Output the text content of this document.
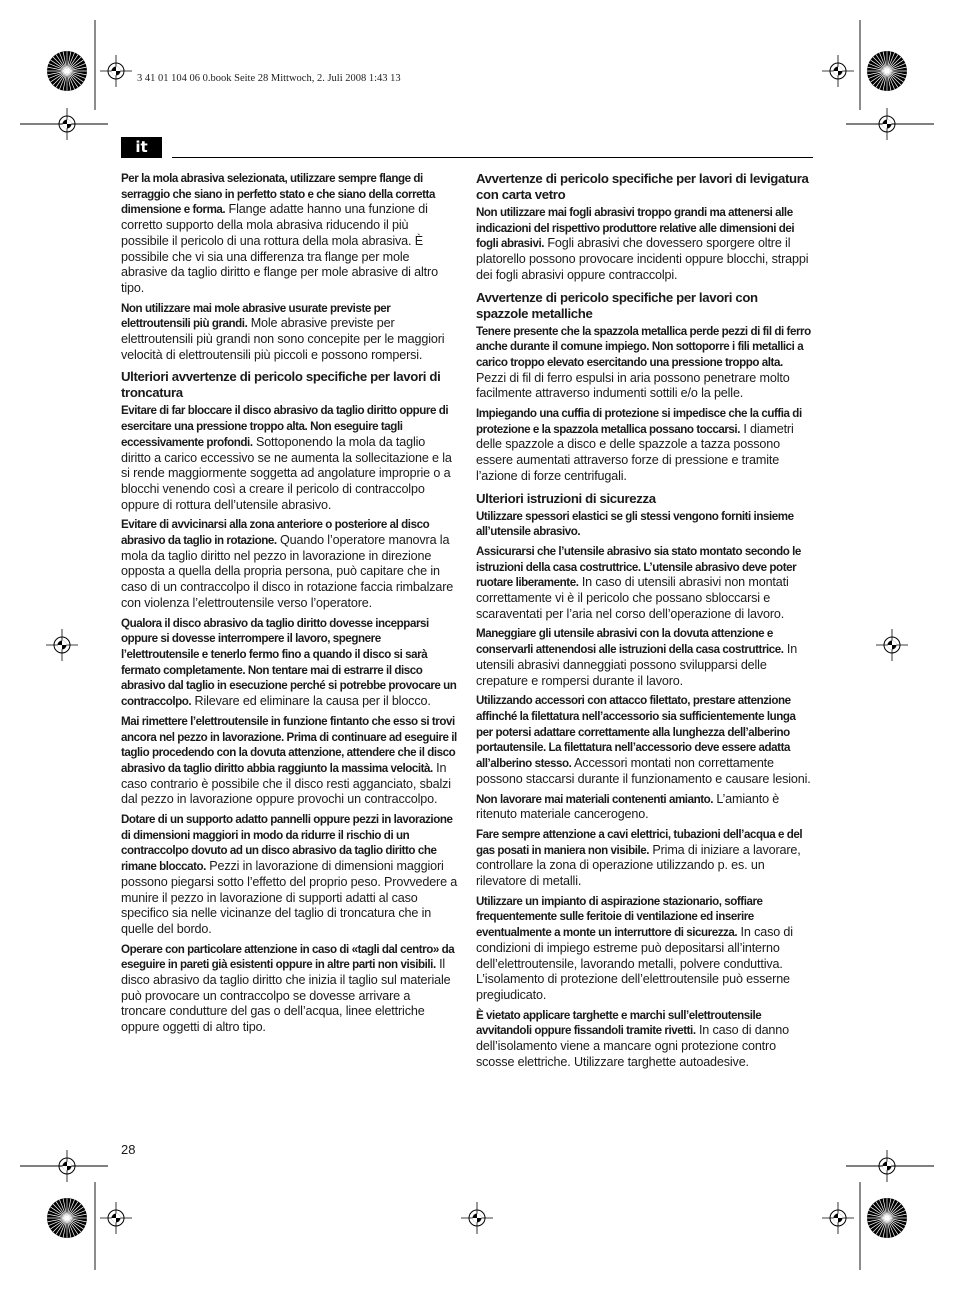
3 41 01 104 06 0.book Seite 28 Mittwoch, 2. Juli 2008 1:43 13
it

Per la mola abrasiva selezionata, utilizzare sempre flange di serraggio che siano in perfetto stato e che siano della corretta dimensione e forma. Flange adatte hanno una funzione di corretto supporto della mola abrasiva riducendo il più possibile il pericolo di una rottura della mola abrasiva. È possibile che vi sia una differenza tra flange per mole abrasive da taglio diritto e flange per mole abrasive di altro tipo.

Non utilizzare mai mole abrasive usurate previste per elettroutensili più grandi. Mole abrasive previste per elettroutensili più grandi non sono concepite per le maggiori velocità di elettroutensili più piccoli e possono rompersi.

Ulteriori avvertenze di pericolo specifiche per lavori di troncatura

Evitare di far bloccare il disco abrasivo da taglio diritto oppure di esercitare una pressione troppo alta. Non eseguire tagli eccessivamente profondi. Sottoponendo la mola da taglio diritto a carico eccessivo se ne aumenta la sollecitazione e la si rende maggiormente soggetta ad angolature improprie o a blocchi venendo così a creare il pericolo di contraccolpo oppure di rottura dell’utensile abrasivo.

Evitare di avvicinarsi alla zona anteriore o posteriore al disco abrasivo da taglio in rotazione. Quando l’operatore manovra la mola da taglio diritto nel pezzo in lavorazione in direzione opposta a quella della propria persona, può capitare che in caso di un contraccolpo il disco in rotazione faccia rimbalzare con violenza l’elettroutensile verso l’operatore.

Qualora il disco abrasivo da taglio diritto dovesse incepparsi oppure si dovesse interrompere il lavoro, spegnere l’elettroutensile e tenerlo fermo fino a quando il disco si sarà fermato completamente. Non tentare mai di estrarre il disco abrasivo dal taglio in esecuzione perché si potrebbe provocare un contraccolpo. Rilevare ed eliminare la causa per il blocco.

Mai rimettere l’elettroutensile in funzione fintanto che esso si trovi ancora nel pezzo in lavorazione. Prima di continuare ad eseguire il taglio procedendo con la dovuta attenzione, attendere che il disco abrasivo da taglio diritto abbia raggiunto la massima velocità. In caso contrario è possibile che il disco resti agganciato, sbalzi dal pezzo in lavorazione oppure provochi un contraccolpo.

Dotare di un supporto adatto pannelli oppure pezzi in lavorazione di dimensioni maggiori in modo da ridurre il rischio di un contraccolpo dovuto ad un disco abrasivo da taglio diritto che rimane bloccato. Pezzi in lavorazione di dimensioni maggiori possono piegarsi sotto l’effetto del proprio peso. Provvedere a munire il pezzo in lavorazione di supporti adatti al caso specifico sia nelle vicinanze del taglio di troncatura che in quelle del bordo.

Operare con particolare attenzione in caso di «tagli dal centro» da eseguire in pareti già esistenti oppure in altre parti non visibili. Il disco abrasivo da taglio diritto che inizia il taglio sul materiale può provocare un contraccolpo se dovesse arrivare a troncare condutture del gas o dell’acqua, linee elettriche oppure oggetti di altro tipo.

Avvertenze di pericolo specifiche per lavori di levigatura con carta vetro

Non utilizzare mai fogli abrasivi troppo grandi ma attenersi alle indicazioni del rispettivo produttore relative alle dimensioni dei fogli abrasivi. Fogli abrasivi che dovessero sporgere oltre il platorello possono provocare incidenti oppure blocchi, strappi dei fogli abrasivi oppure contraccolpi.

Avvertenze di pericolo specifiche per lavori con spazzole metalliche

Tenere presente che la spazzola metallica perde pezzi di fil di ferro anche durante il comune impiego. Non sottoporre i fili metallici a carico troppo elevato esercitando una pressione troppo alta. Pezzi di fil di ferro espulsi in aria possono penetrare molto facilmente attraverso indumenti sottili e/o la pelle.

Impiegando una cuffia di protezione si impedisce che la cuffia di protezione e la spazzola metallica possano toccarsi. I diametri delle spazzole a disco e delle spazzole a tazza possono essere aumentati attraverso forze di pressione e tramite l’azione di forze centrifugali.

Ulteriori istruzioni di sicurezza

Utilizzare spessori elastici se gli stessi vengono forniti insieme all’utensile abrasivo.

Assicurarsi che l’utensile abrasivo sia stato montato secondo le istruzioni della casa costruttrice. L’utensile abrasivo deve poter ruotare liberamente. In caso di utensili abrasivi non montati correttamente vi è il pericolo che possano sbloccarsi e scaraventati per l’aria nel corso dell’operazione di lavoro.

Maneggiare gli utensile abrasivi con la dovuta attenzione e conservarli attenendosi alle istruzioni della casa costruttrice. In utensili abrasivi danneggiati possono svilupparsi delle crepature e rompersi durante il lavoro.

Utilizzando accessori con attacco filettato, prestare attenzione affinché la filettatura nell’accessorio sia sufficientemente lunga per potersi adattare correttamente alla lunghezza dell’alberino portautensile. La filettatura nell’accessorio deve essere adatta all’alberino stesso. Accessori montati non correttamente possono staccarsi durante il funzionamento e causare lesioni.

Non lavorare mai materiali contenenti amianto. L’amianto è ritenuto materiale cancerogeno.

Fare sempre attenzione a cavi elettrici, tubazioni dell’acqua e del gas posati in maniera non visibile. Prima di iniziare a lavorare, controllare la zona di operazione utilizzando p. es. un rilevatore di metalli.

Utilizzare un impianto di aspirazione stazionario, soffiare frequentemente sulle feritoie di ventilazione ed inserire eventualmente a monte un interruttore di sicurezza. In caso di condizioni di impiego estreme può depositarsi all’interno dell’elettroutensile, lavorando metalli, polvere conduttiva. L’isolamento di protezione dell’elettroutensile può esserne pregiudicato.

È vietato applicare targhette e marchi sull’elettroutensile avvitandoli oppure fissandoli tramite rivetti. In caso di danno dell’isolamento viene a mancare ogni protezione contro scosse elettriche. Utilizzare targhette autoadesive.

28
